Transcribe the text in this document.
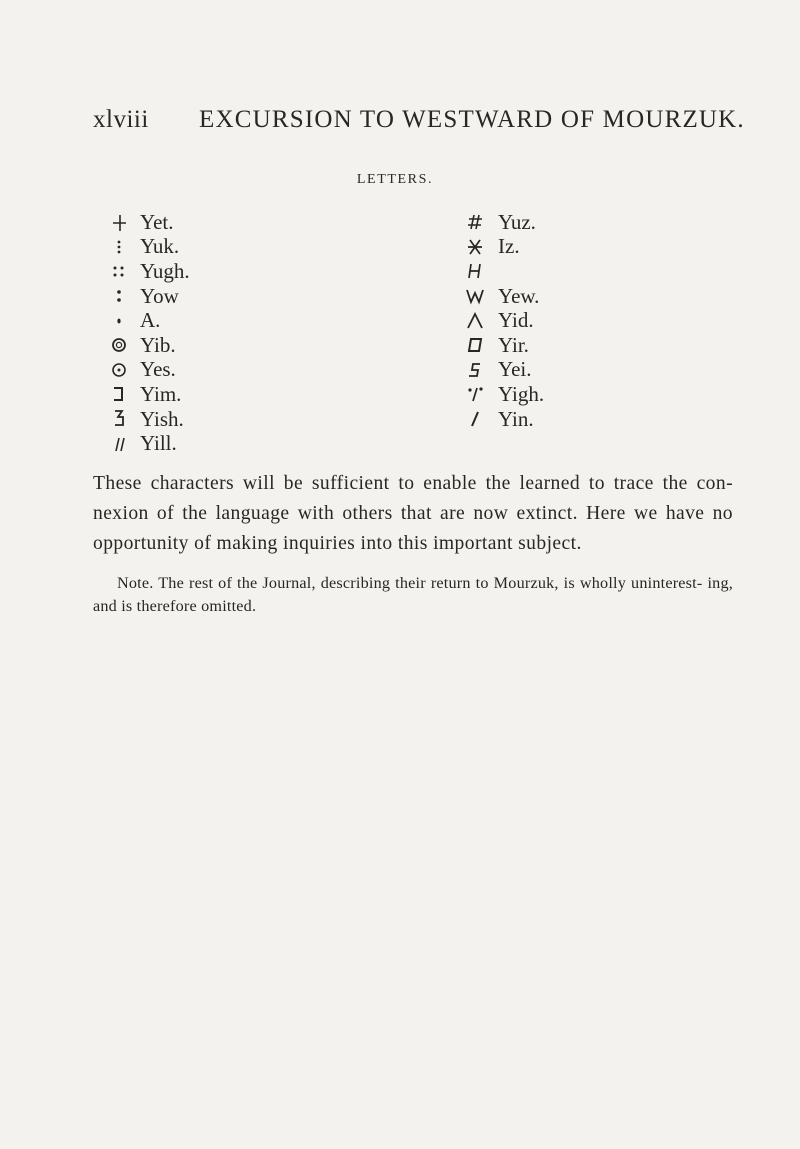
xlviii EXCURSION TO WESTWARD OF MOURZUK.
LETTERS.
Yet.
Yuk.
Yugh.
Yow
A.
Yib.
Yes.
Yim.
Yish.
Yill.
Yuz.
Iz.
Yew.
Yid.
Yir.
Yei.
Yigh.
Yin.

These characters will be sufficient to enable the learned to trace the con- nexion of the language with others that are now extinct. Here we have no opportunity of making inquiries into this important subject.

Note. The rest of the Journal, describing their return to Mourzuk, is wholly uninterest- ing, and is therefore omitted.
